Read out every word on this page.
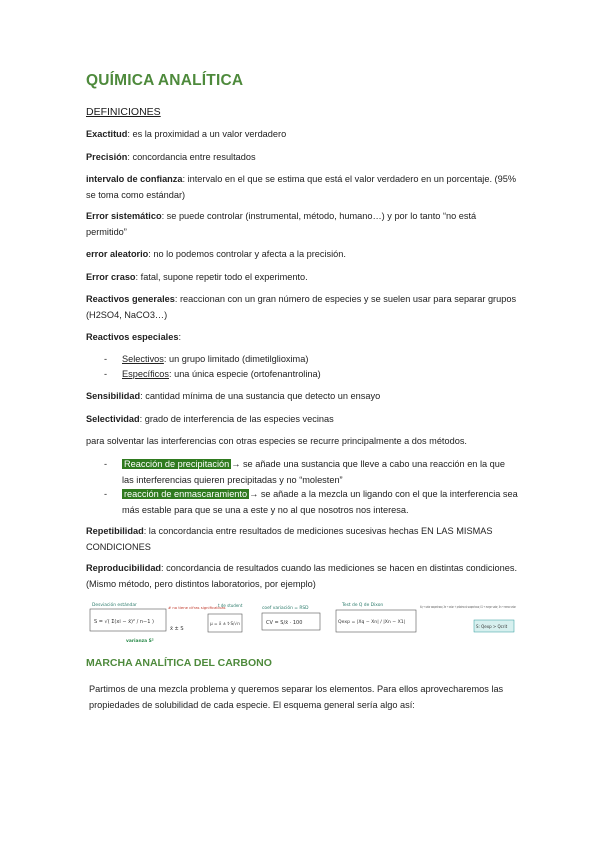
QUÍMICA ANALÍTICA
DEFINICIONES
Exactitud: es la proximidad a un valor verdadero
Precisión: concordancia entre resultados
intervalo de confianza: intervalo en el que se estima que está el valor verdadero en un porcentaje. (95% se toma como estándar)
Error sistemático: se puede controlar (instrumental, método, humano…) y por lo tanto “no está permitido”
error aleatorio: no lo podemos controlar y afecta a la precisión.
Error craso: fatal, supone repetir todo el experimento.
Reactivos generales: reaccionan con un gran número de especies y se suelen usar para separar grupos (H2SO4, NaCO3…)
Reactivos especiales:
- Selectivos: un grupo limitado (dimetilglioxima)
- Específicos: una única especie (ortofenantrolina)
Sensibilidad: cantidad mínima de una sustancia que detecto un ensayo
Selectividad: grado de interferencia de las especies vecinas
para solventar las interferencias con otras especies se recurre principalmente a dos métodos.
- Reacción de precipitación → se añade una sustancia que lleve a cabo una reacción en la que las interferencias quieren precipitadas y no “molesten”
- reacción de enmascaramiento → se añade a la mezcla un ligando con el que la interferencia sea más estable para que se una a este y no al que nosotros nos interesa.
Repetibilidad: la concordancia entre resultados de mediciones sucesivas hechas EN LAS MISMAS CONDICIONES
Reproducibilidad: concordancia de resultados cuando las mediciones se hacen en distintas condiciones. (Mismo método, pero distintos laboratorios, por ejemplo)
Desviación estándar
S = √( Σ(xi − x̄)² / n−1 )
varianza S²
# no tiene cifras significativas
x̄ ± S
t de student
μ = x̄ ± t·S/√n
coef variación = RSD
CV = S/x̄ · 100
Test de Q de Dixon
Qexp = |Xq − Xn| / |Xn − X1|
Xq → valor sospechoso; Xn → valor + próximo al sospechoso; X1 → mayor valor; Xn → menor valor
S: Qexp > Qcrit
MARCHA ANALÍTICA DEL CARBONO
Partimos de una mezcla problema y queremos separar los elementos. Para ellos aprovecharemos las propiedades de solubilidad de cada especie. El esquema general sería algo así:
